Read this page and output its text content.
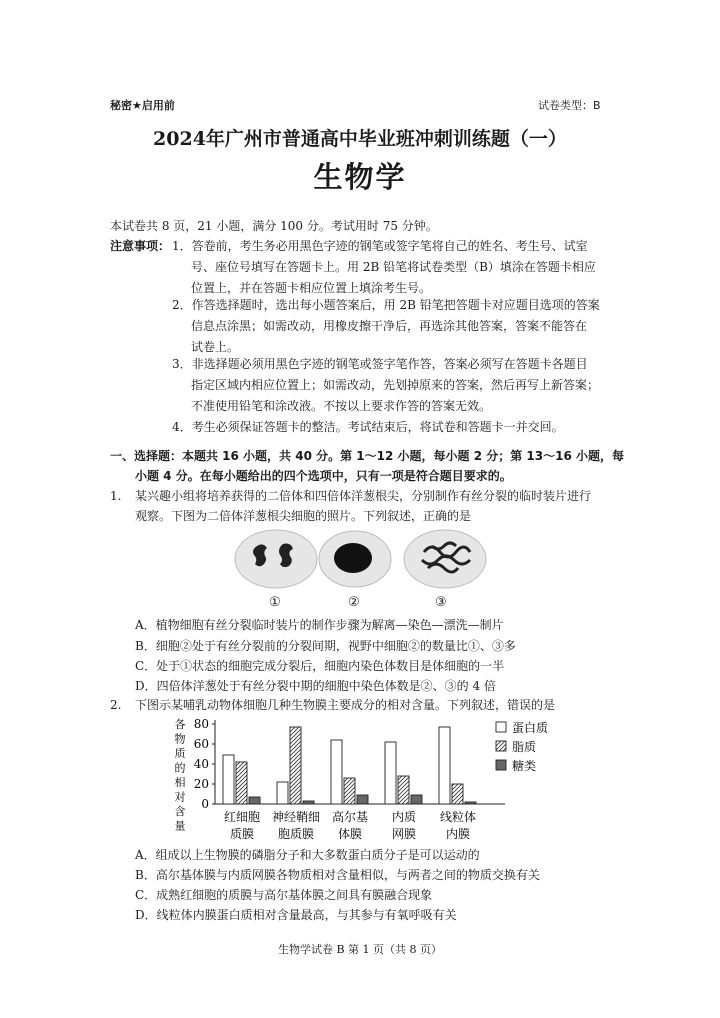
秘密★启用前	试卷类型：B
2024年广州市普通高中毕业班冲刺训练题（一）
生物学
本试卷共 8 页，21 小题，满分 100 分。考试用时 75 分钟。
注意事项： 1．答卷前，考生务必用黑色字迹的钢笔或签字笔将自己的姓名、考生号、试室
号、座位号填写在答题卡上。用 2B 铅笔将试卷类型（B）填涂在答题卡相应
位置上，并在答题卡相应位置上填涂考生号。
2．作答选择题时，选出每小题答案后，用 2B 铅笔把答题卡对应题目选项的答案
信息点涂黑；如需改动，用橡皮擦干净后，再选涂其他答案，答案不能答在
试卷上。
3．非选择题必须用黑色字迹的钢笔或签字笔作答，答案必须写在答题卡各题目
指定区域内相应位置上；如需改动，先划掉原来的答案，然后再写上新答案；
不准使用铅笔和涂改液。不按以上要求作答的答案无效。
4．考生必须保证答题卡的整洁。考试结束后，将试卷和答题卡一并交回。
一、选择题：本题共 16 小题，共 40 分。第 1～12 小题，每小题 2 分；第 13～16 小题，每
小题 4 分。在每小题给出的四个选项中，只有一项是符合题目要求的。
1. 某兴趣小组将培养获得的二倍体和四倍体洋葱根尖，分别制作有丝分裂的临时装片进行
观察。下图为二倍体洋葱根尖细胞的照片。下列叙述，正确的是
①	②	③
A．植物细胞有丝分裂临时装片的制作步骤为解离—染色—漂洗—制片
B．细胞②处于有丝分裂前的分裂间期，视野中细胞②的数量比①、③多
C．处于①状态的细胞完成分裂后，细胞内染色体数目是体细胞的一半
D．四倍体洋葱处于有丝分裂中期的细胞中染色体数是②、③的 4 倍
2. 下图示某哺乳动物体细胞几种生物膜主要成分的相对含量。下列叙述，错误的是
0
20
40
60
80
各
物
质
的
相
对
含
量
红细胞
质膜
神经鞘细
胞质膜
高尔基
体膜
内质
网膜
线粒体
内膜
蛋白质
脂质
糖类
A．组成以上生物膜的磷脂分子和大多数蛋白质分子是可以运动的
B．高尔基体膜与内质网膜各物质相对含量相似，与两者之间的物质交换有关
C．成熟红细胞的质膜与高尔基体膜之间具有膜融合现象
D．线粒体内膜蛋白质相对含量最高，与其参与有氧呼吸有关
生物学试卷 B 第 1 页（共 8 页）
